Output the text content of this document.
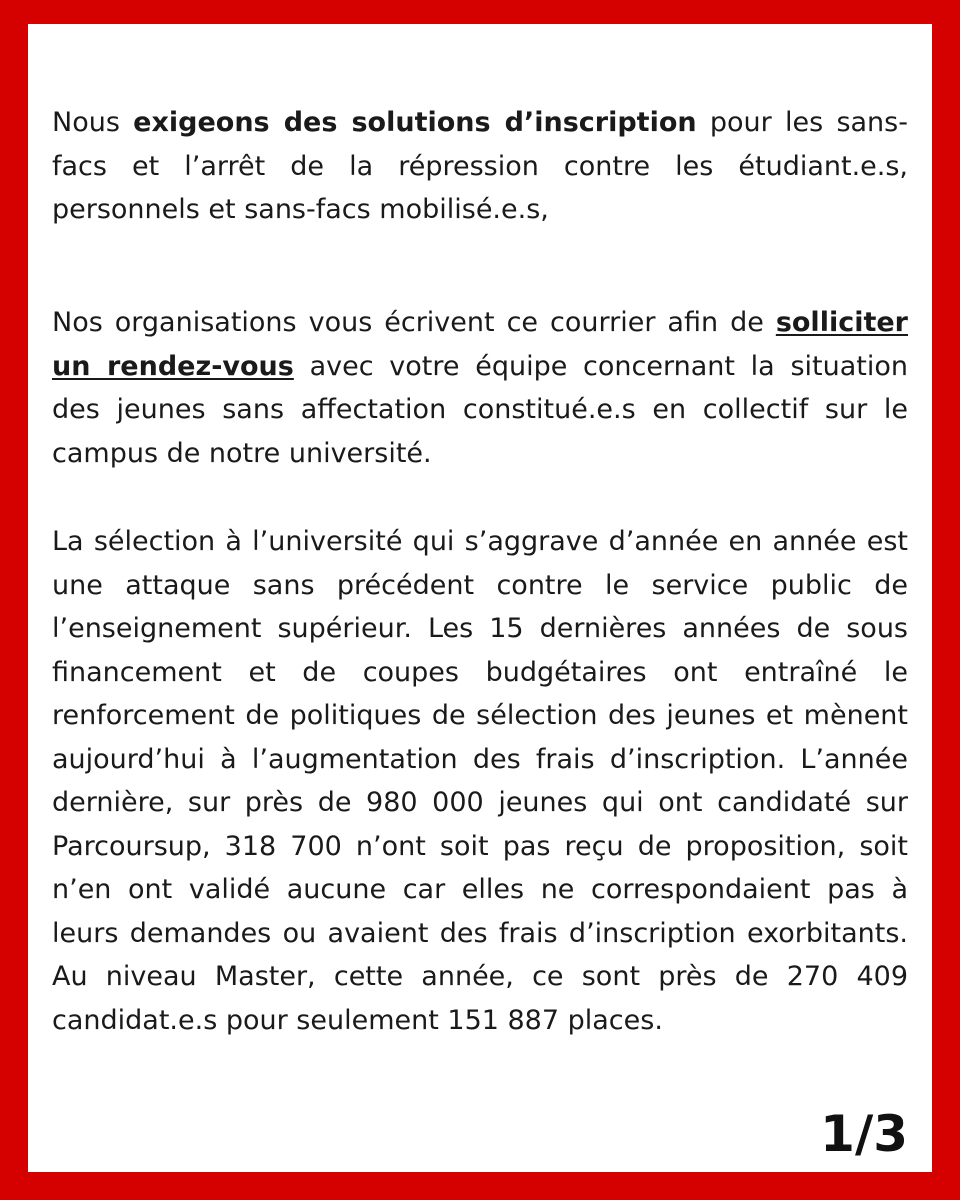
Nous exigeons des solutions d’inscription pour les sans-facs et l’arrêt de la répression contre les étudiant.e.s, personnels et sans-facs mobilisé.e.s,

Nos organisations vous écrivent ce courrier afin de solliciter un rendez-vous avec votre équipe concernant la situation des jeunes sans affectation constitué.e.s en collectif sur le campus de notre université.

La sélection à l’université qui s’aggrave d’année en année est une attaque sans précédent contre le service public de l’enseignement supérieur. Les 15 dernières années de sous financement et de coupes budgétaires ont entraîné le renforcement de politiques de sélection des jeunes et mènent aujourd’hui à l’augmentation des frais d’inscription. L’année dernière, sur près de 980 000 jeunes qui ont candidaté sur Parcoursup, 318 700 n’ont soit pas reçu de proposition, soit n’en ont validé aucune car elles ne correspondaient pas à leurs demandes ou avaient des frais d’inscription exorbitants. Au niveau Master, cette année, ce sont près de 270 409 candidat.e.s pour seulement 151 887 places.

1/3
